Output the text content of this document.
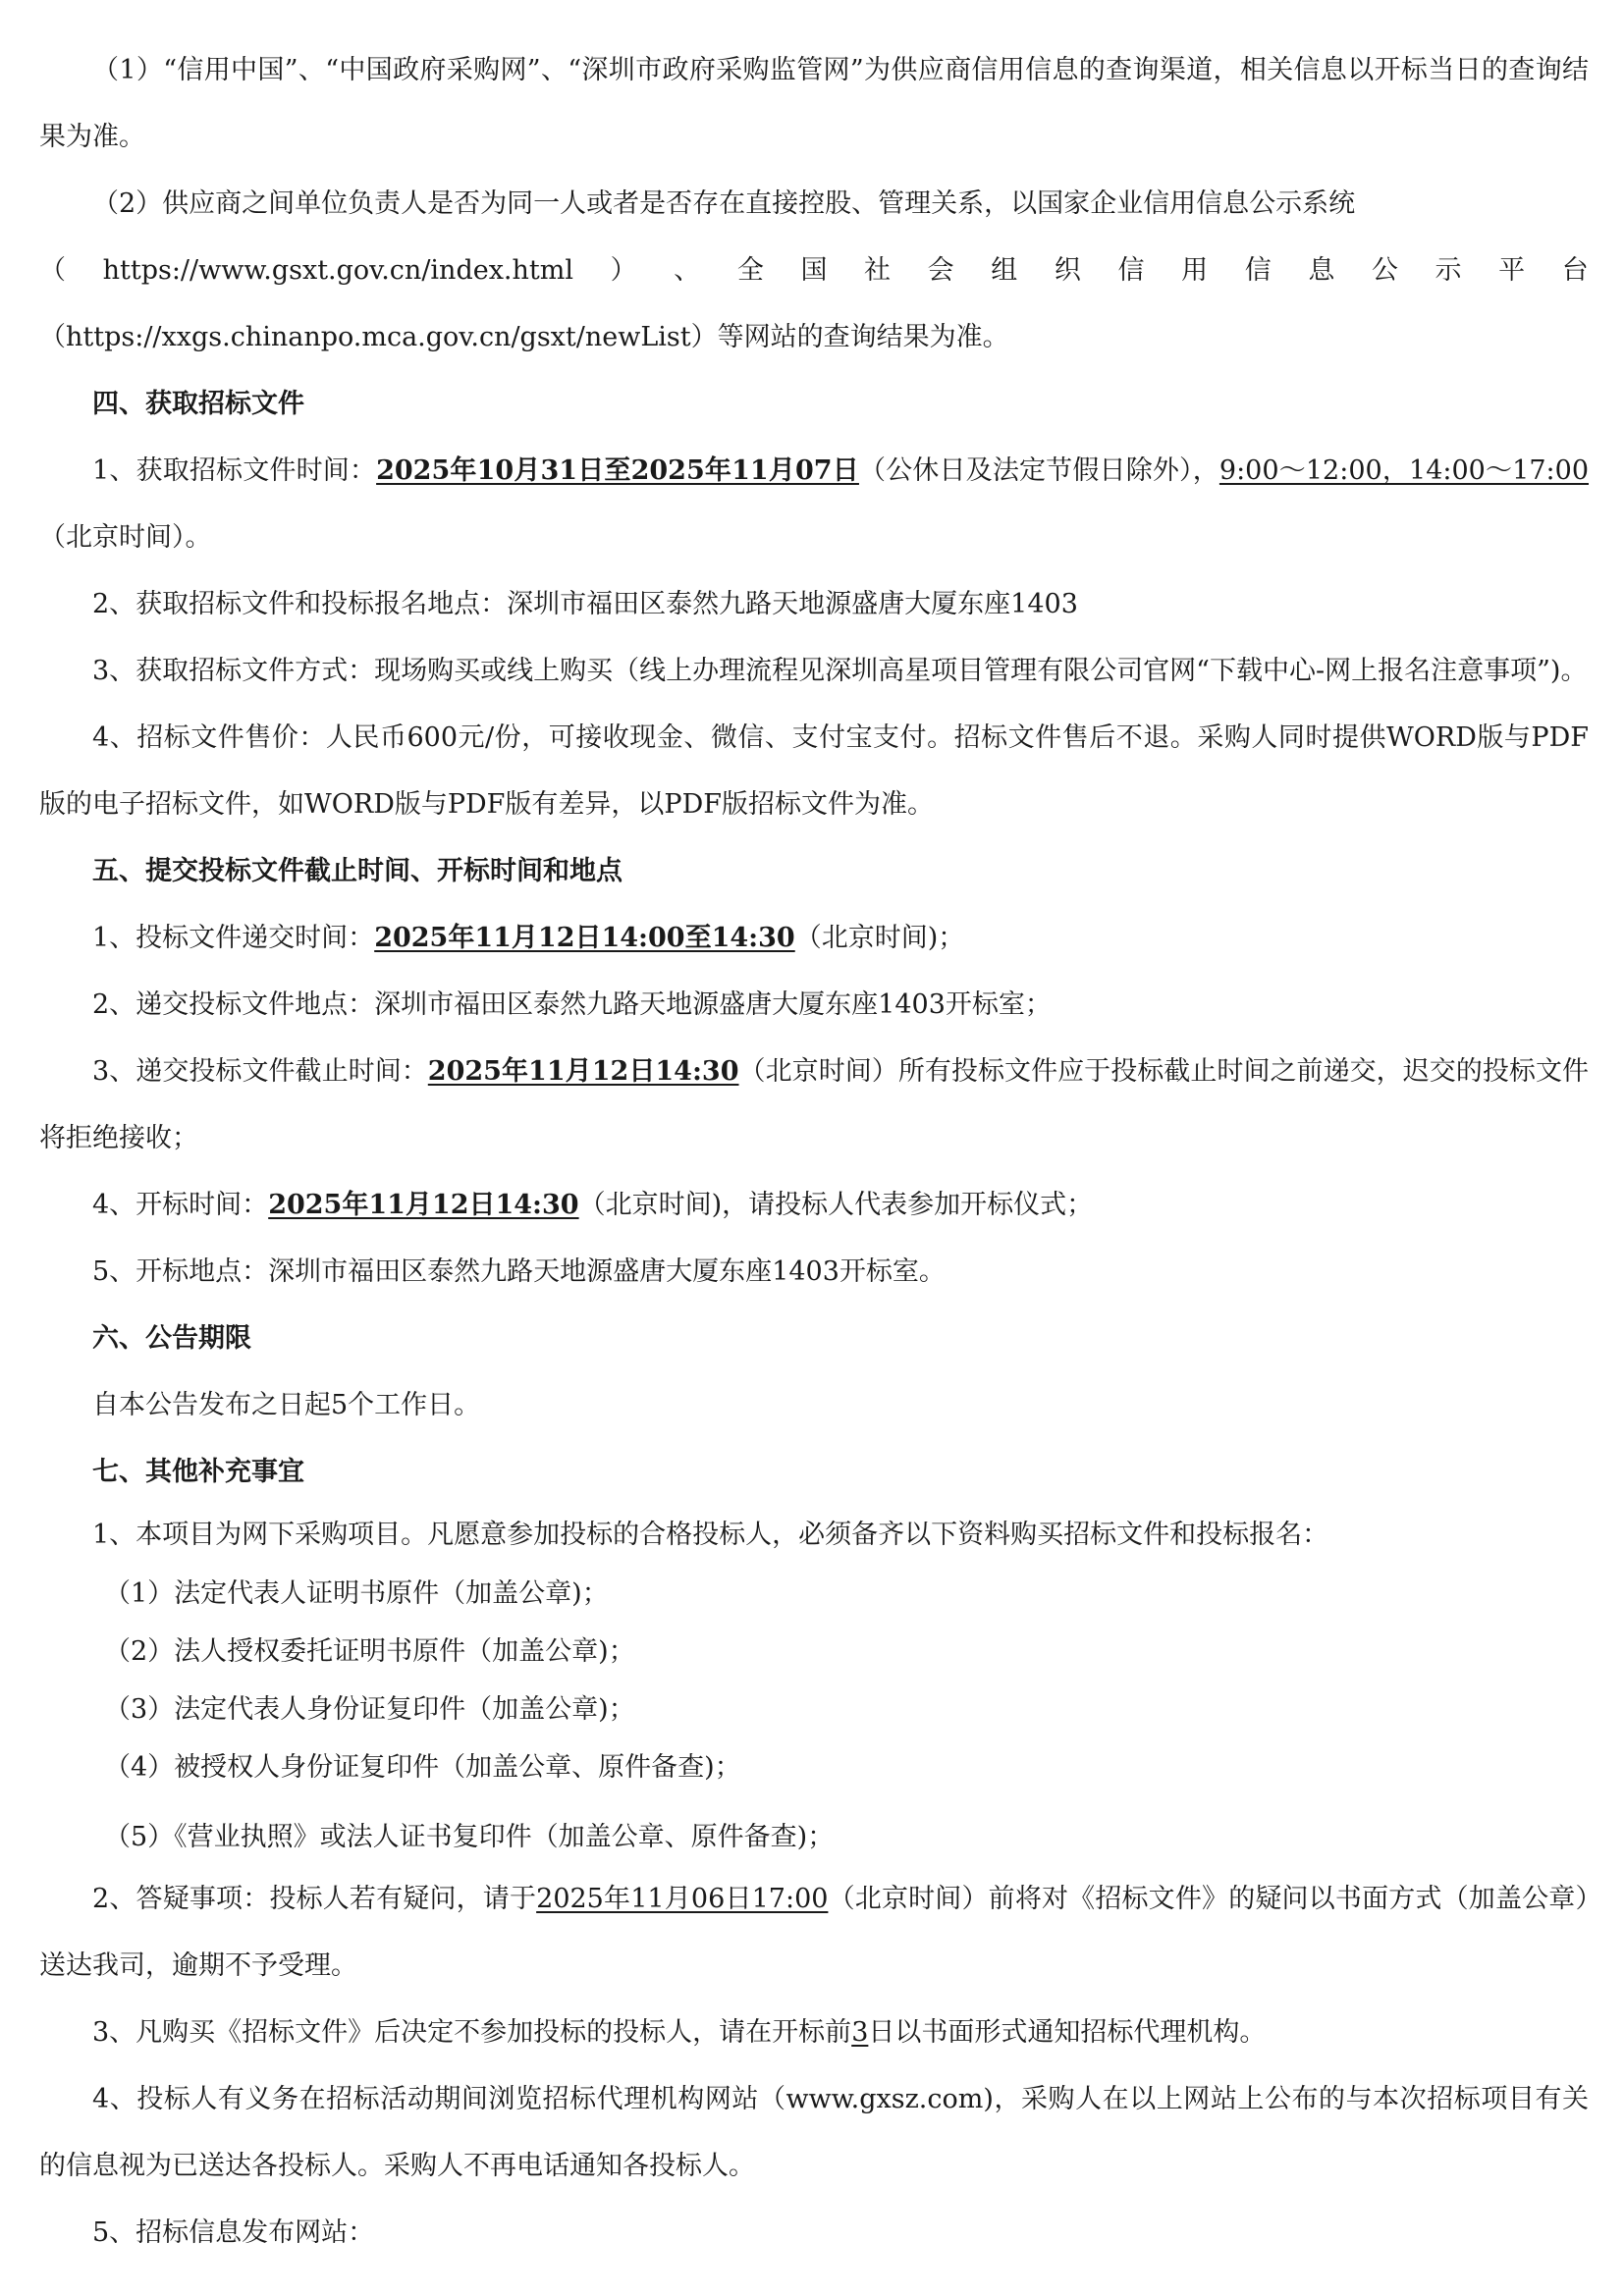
（1）“信用中国”、“中国政府采购网”、“深圳市政府采购监管网”为供应商信用信息的查询渠道，相关信息以开标当日的查询结果为准。

（2）供应商之间单位负责人是否为同一人或者是否存在直接控股、管理关系，以国家企业信用信息公示系统

（ https://www.gsxt.gov.cn/index.html ） 、 全 国 社 会 组 织 信 用 信 息 公 示 平 台

（https://xxgs.chinanpo.mca.gov.cn/gsxt/newList）等网站的查询结果为准。

四、获取招标文件

1、获取招标文件时间：2025年10月31日至2025年11月07日（公休日及法定节假日除外），9:00～12:00，14:00～17:00（北京时间）。

2、获取招标文件和投标报名地点：深圳市福田区泰然九路天地源盛唐大厦东座1403

3、获取招标文件方式：现场购买或线上购买（线上办理流程见深圳高星项目管理有限公司官网“下载中心-网上报名注意事项”)。

4、招标文件售价：人民币600元/份，可接收现金、微信、支付宝支付。招标文件售后不退。采购人同时提供WORD版与PDF版的电子招标文件，如WORD版与PDF版有差异，以PDF版招标文件为准。

五、提交投标文件截止时间、开标时间和地点

1、投标文件递交时间：2025年11月12日14:00至14:30（北京时间)；

2、递交投标文件地点：深圳市福田区泰然九路天地源盛唐大厦东座1403开标室；

3、递交投标文件截止时间：2025年11月12日14:30（北京时间）所有投标文件应于投标截止时间之前递交，迟交的投标文件将拒绝接收；

4、开标时间：2025年11月12日14:30（北京时间)，请投标人代表参加开标仪式；

5、开标地点：深圳市福田区泰然九路天地源盛唐大厦东座1403开标室。

六、公告期限

自本公告发布之日起5个工作日。

七、其他补充事宜

1、本项目为网下采购项目。凡愿意参加投标的合格投标人，必须备齐以下资料购买招标文件和投标报名：

（1）法定代表人证明书原件（加盖公章)；

（2）法人授权委托证明书原件（加盖公章)；

（3）法定代表人身份证复印件（加盖公章)；

（4）被授权人身份证复印件（加盖公章、原件备查)；

（5）《营业执照》或法人证书复印件（加盖公章、原件备查)；

2、答疑事项：投标人若有疑问，请于2025年11月06日17:00（北京时间）前将对《招标文件》的疑问以书面方式（加盖公章）送达我司，逾期不予受理。

3、凡购买《招标文件》后决定不参加投标的投标人，请在开标前3日以书面形式通知招标代理机构。

4、投标人有义务在招标活动期间浏览招标代理机构网站（www.gxsz.com)，采购人在以上网站上公布的与本次招标项目有关的信息视为已送达各投标人。采购人不再电话通知各投标人。

5、招标信息发布网站：
